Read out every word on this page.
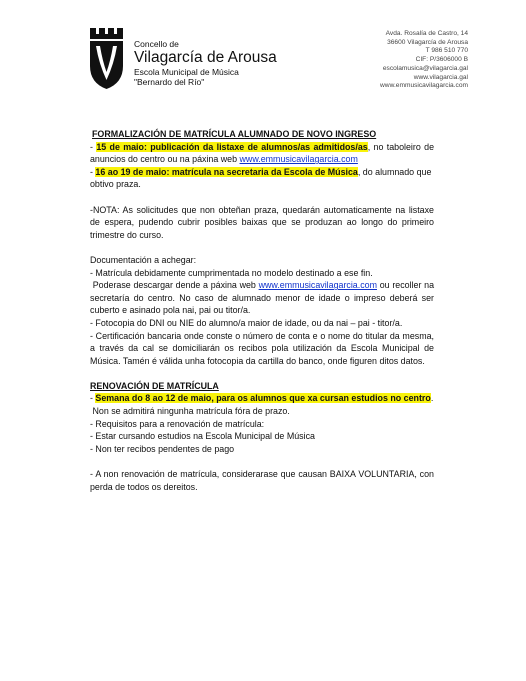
Concello de
Vilagarcía de Arousa
Escola Municipal de Música
"Bernardo del Río"
Avda. Rosalía de Castro, 14
36600 Vilagarcía de Arousa
T 986 510 770
CIF: P/3606000 B
escolamusica@vilagarcia.gal
www.vilagarcia.gal
www.emmusicavilagarcia.com

FORMALIZACIÓN DE MATRÍCULA ALUMNADO DE NOVO INGRESO

- 15 de maio: publicación da listaxe de alumnos/as admitidos/as, no taboleiro de anuncios do centro ou na páxina web www.emmusicavilagarcia.com

- 16 ao 19 de maio: matrícula na secretaria da Escola de Música, do alumnado que obtivo praza.

-NOTA: As solicitudes que non obteñan praza, quedarán automaticamente na listaxe de espera, pudendo cubrir posibles baixas que se produzan ao longo do primeiro trimestre do curso.

Documentación a achegar:

- Matrícula debidamente cumprimentada no modelo destinado a ese fin.

Poderase descargar dende a páxina web www.emmusicavilagarcia.com ou recoller na secretaría do centro. No caso de alumnado menor de idade o impreso deberá ser cuberto e asinado pola nai, pai ou titor/a.

- Fotocopia do DNI ou NIE do alumno/a maior de idade, ou da nai – pai - titor/a.

- Certificación bancaria onde conste o número de conta e o nome do titular da mesma, a través da cal se domiciliarán os recibos pola utilización da Escola Municipal de Música. Tamén é válida unha fotocopia da cartilla do banco, onde figuren ditos datos.

RENOVACIÓN DE MATRÍCULA

- Semana do 8 ao 12 de maio, para os alumnos que xa cursan estudios no centro.

Non se admitirá ningunha matrícula fóra de prazo.

- Requisitos para a renovación de matrícula:

- Estar cursando estudios na Escola Municipal de Música

- Non ter recibos pendentes de pago

- A non renovación de matrícula, considerarase que causan BAIXA VOLUNTARIA, con perda de todos os dereitos.
